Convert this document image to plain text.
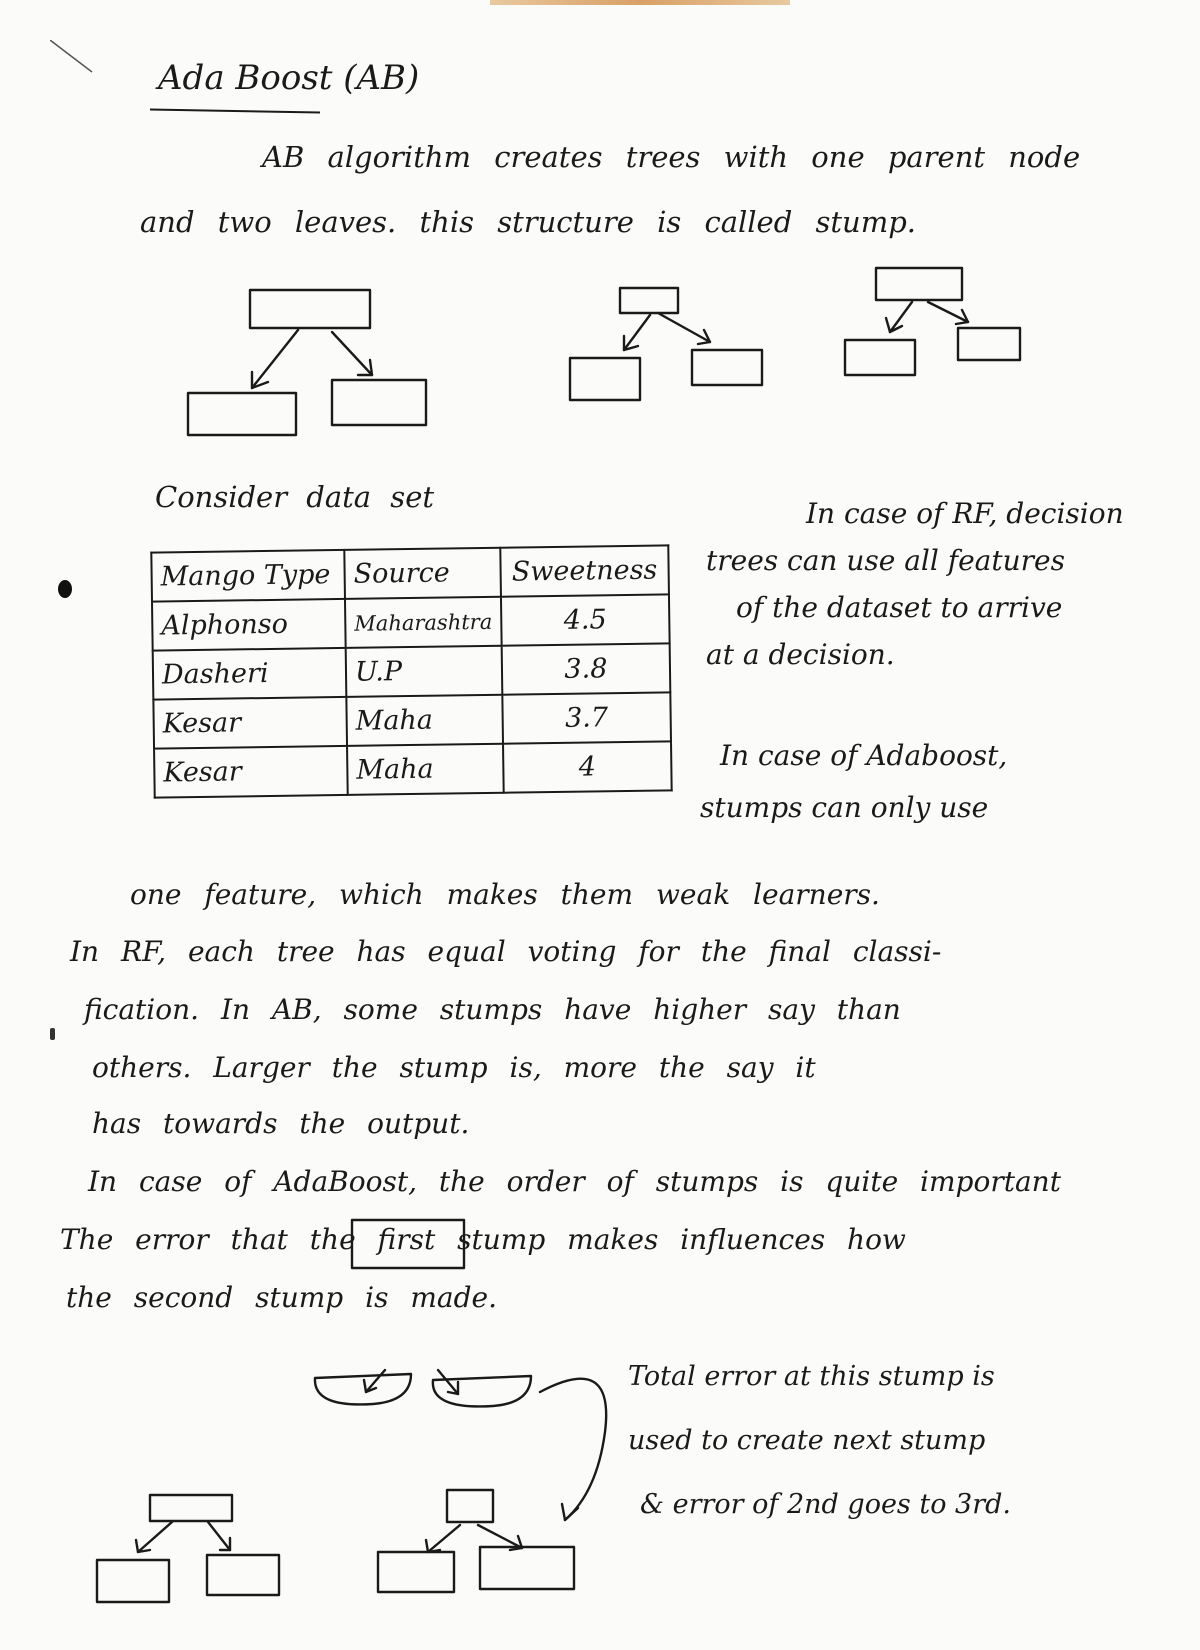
Ada Boost (AB)
AB algorithm creates trees with one parent node
and two leaves. this structure is called stump.
Consider data set
Mango Type	Source	Sweetness
Alphonso	Maharashtra	4.5
Dasheri	U.P	3.8
Kesar	Maha	3.7
Kesar	Maha	4
In case of RF, decision
trees can use all features
of the dataset to arrive
at a decision.
In case of Adaboost,
stumps can only use
one feature, which makes them weak learners.
In RF, each tree has equal voting for the final classi-
fication. In AB, some stumps have higher say than
others. Larger the stump is, more the say it
has towards the output.
In case of AdaBoost, the order of stumps is quite important
The error that the first stump makes influences how
the second stump is made.
Total error at this stump is
used to create next stump
& error of 2nd goes to 3rd.
